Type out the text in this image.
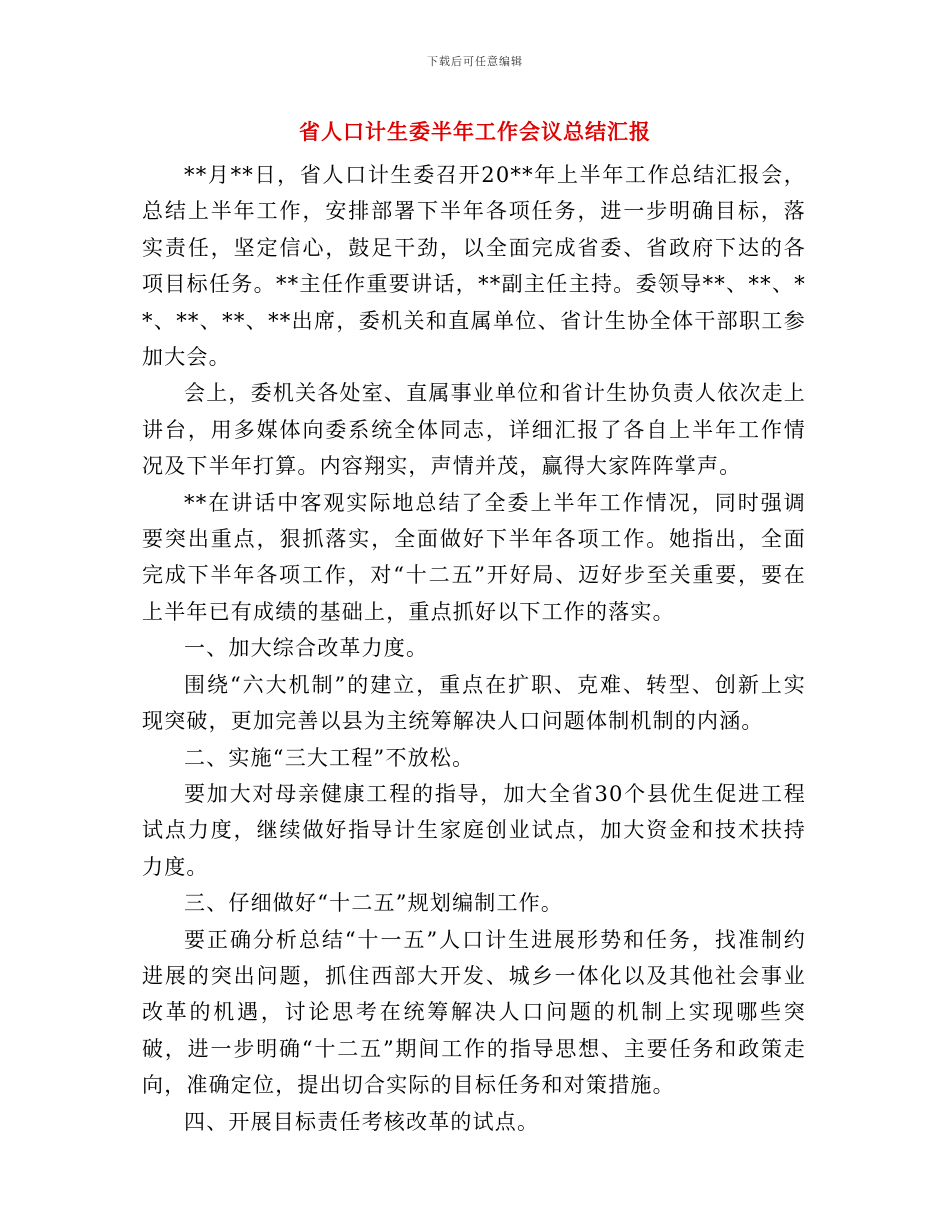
下载后可任意编辑
省人口计生委半年工作会议总结汇报

**月**日，省人口计生委召开20**年上半年工作总结汇报会，总结上半年工作，安排部署下半年各项任务，进一步明确目标，落实责任，坚定信心，鼓足干劲，以全面完成省委、省政府下达的各项目标任务。**主任作重要讲话，**副主任主持。委领导**、**、**、**、**、**出席，委机关和直属单位、省计生协全体干部职工参加大会。

会上，委机关各处室、直属事业单位和省计生协负责人依次走上讲台，用多媒体向委系统全体同志，详细汇报了各自上半年工作情况及下半年打算。内容翔实，声情并茂，赢得大家阵阵掌声。

**在讲话中客观实际地总结了全委上半年工作情况，同时强调要突出重点，狠抓落实，全面做好下半年各项工作。她指出，全面完成下半年各项工作，对“十二五”开好局、迈好步至关重要，要在上半年已有成绩的基础上，重点抓好以下工作的落实。

一、加大综合改革力度。

围绕“六大机制”的建立，重点在扩职、克难、转型、创新上实现突破，更加完善以县为主统筹解决人口问题体制机制的内涵。

二、实施“三大工程”不放松。

要加大对母亲健康工程的指导，加大全省30个县优生促进工程试点力度，继续做好指导计生家庭创业试点，加大资金和技术扶持力度。

三、仔细做好“十二五”规划编制工作。

要正确分析总结“十一五”人口计生进展形势和任务，找准制约进展的突出问题，抓住西部大开发、城乡一体化以及其他社会事业改革的机遇，讨论思考在统筹解决人口问题的机制上实现哪些突破，进一步明确“十二五”期间工作的指导思想、主要任务和政策走向，准确定位，提出切合实际的目标任务和对策措施。

四、开展目标责任考核改革的试点。
